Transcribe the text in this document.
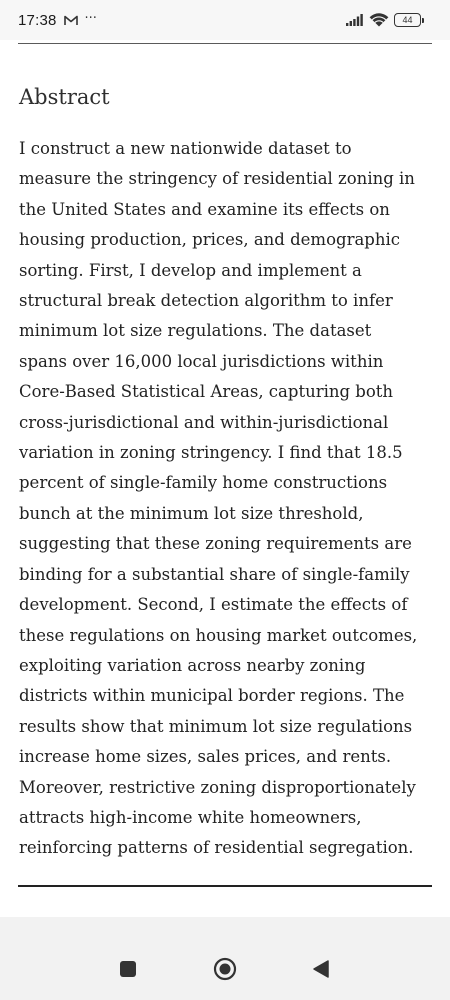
17:38 ···	44
Abstract

I construct a new nationwide dataset to
measure the stringency of residential zoning in
the United States and examine its effects on
housing production, prices, and demographic
sorting. First, I develop and implement a
structural break detection algorithm to infer
minimum lot size regulations. The dataset
spans over 16,000 local jurisdictions within
Core-Based Statistical Areas, capturing both
cross-jurisdictional and within-jurisdictional
variation in zoning stringency. I find that 18.5
percent of single-family home constructions
bunch at the minimum lot size threshold,
suggesting that these zoning requirements are
binding for a substantial share of single-family
development. Second, I estimate the effects of
these regulations on housing market outcomes,
exploiting variation across nearby zoning
districts within municipal border regions. The
results show that minimum lot size regulations
increase home sizes, sales prices, and rents.
Moreover, restrictive zoning disproportionately
attracts high-income white homeowners,
reinforcing patterns of residential segregation.
